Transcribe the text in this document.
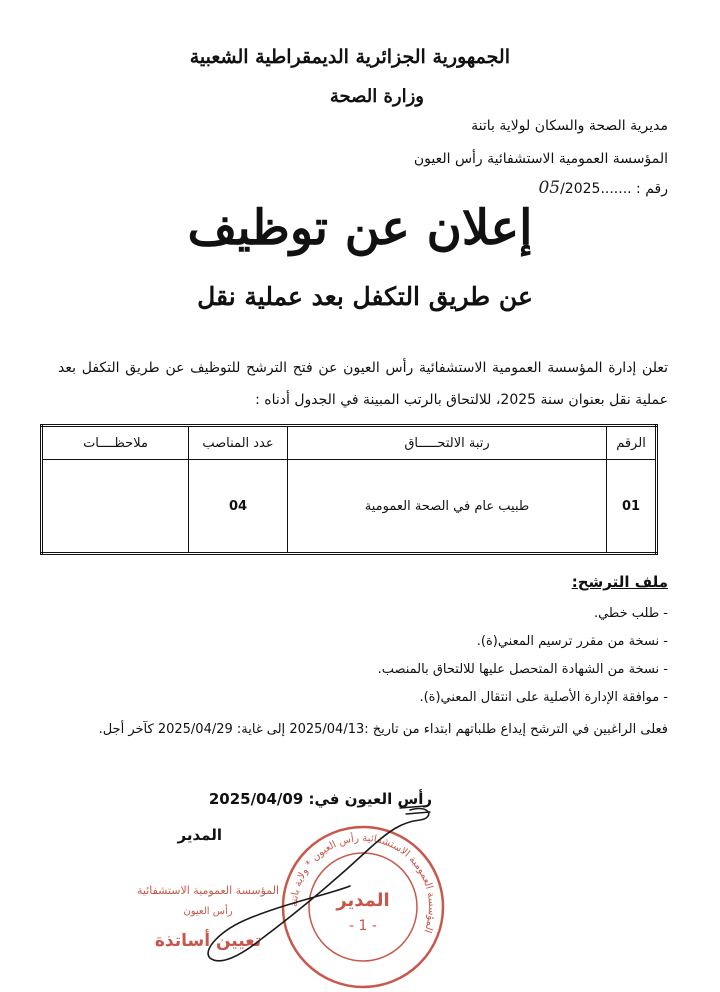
الجمهورية الجزائرية الديمقراطية الشعبية
وزارة الصحة
مديرية الصحة والسكان لولاية باتنة
المؤسسة العمومية الاستشفائية رأس العيون
رقم : .......05/2025
إعلان عن توظيف
عن طريق التكفل بعد عملية نقل
تعلن إدارة المؤسسة العمومية الاستشفائية رأس العيون عن فتح الترشح للتوظيف عن طريق التكفل بعد عملية نقل بعنوان سنة 2025، للالتحاق بالرتب المبينة في الجدول أدناه :
الرقم	رتبة الالتحـــــاق	عدد المناصب	ملاحظــــات
01	طبيب عام في الصحة العمومية	04	
ملف الترشح:
- طلب خطي.
- نسخة من مقرر ترسيم المعني(ة).
- نسخة من الشهادة المتحصل عليها للالتحاق بالمنصب.
- موافقة الإدارة الأصلية على انتقال المعني(ة).
فعلى الراغبين في الترشح إيداع طلباتهم ابتداء من تاريخ :2025/04/13 إلى غاية: 2025/04/29 كآخر أجل.
رأس العيون في: 2025/04/09
المدير
المؤسسة العمومية الاستشفائية
رأس العيون
تعيين أساتذة
المؤسسة العمومية الاستشفائية رأس العيون * ولاية باتنة
المدير
- 1 -
